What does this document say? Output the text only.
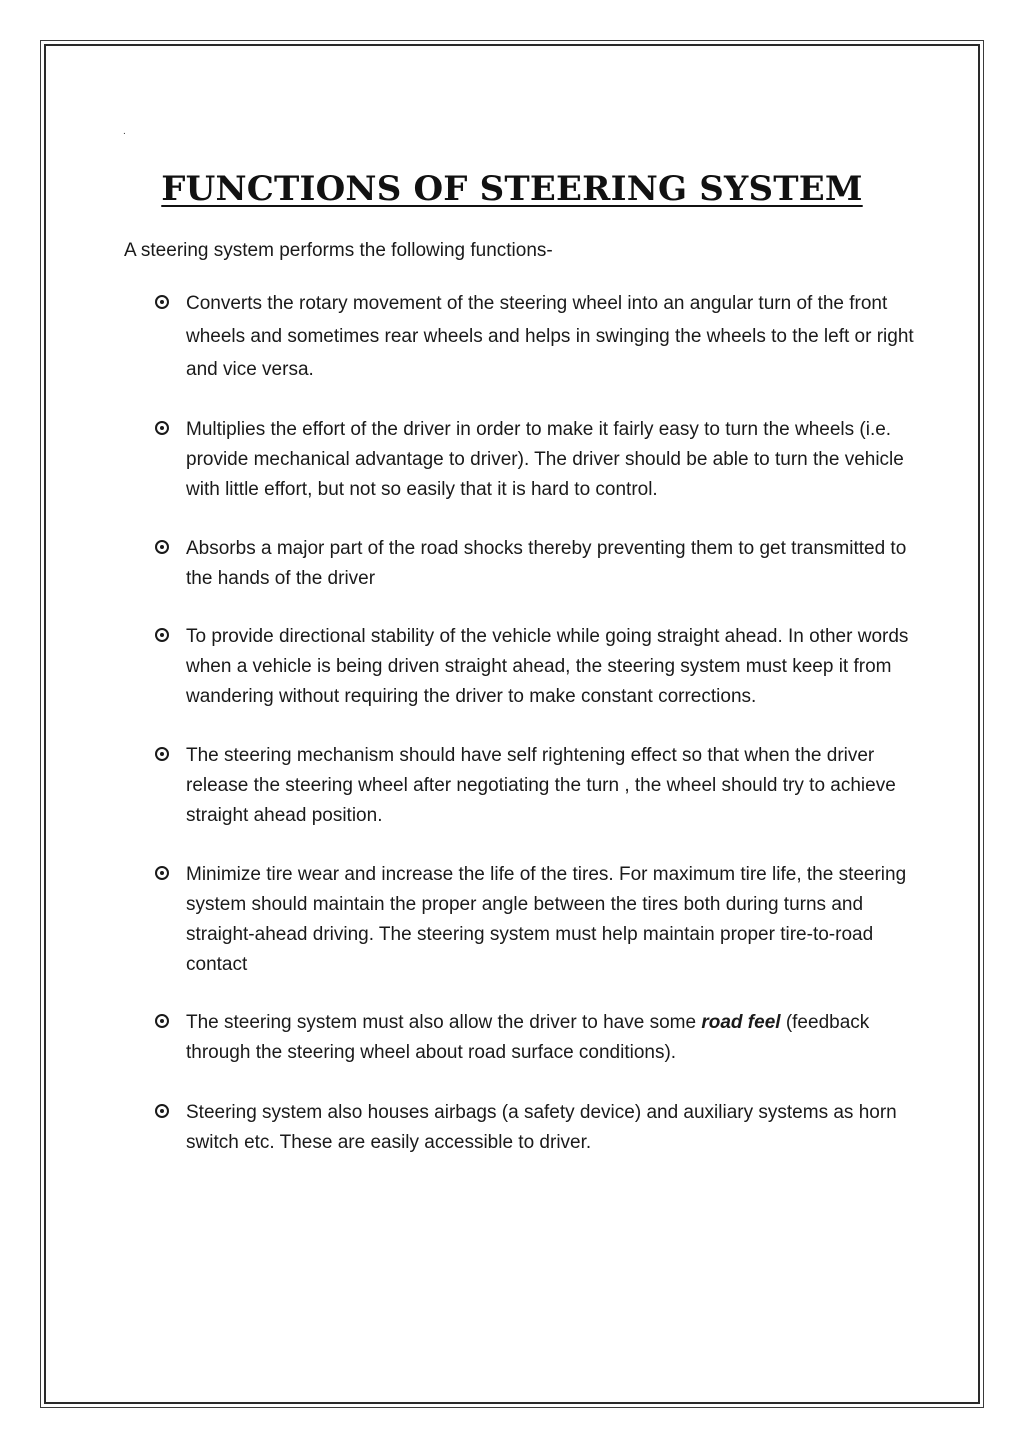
.
FUNCTIONS OF STEERING SYSTEM
A steering system performs the following functions-
Converts the rotary movement of the steering wheel into an angular turn of the front wheels and sometimes rear wheels and helps in swinging the wheels to the left or right and vice versa.
Multiplies the effort of the driver in order to make it fairly easy to turn the wheels (i.e. provide mechanical advantage to driver). The driver should be able to turn the vehicle with little effort, but not so easily that it is hard to control.
Absorbs a major part of the road shocks thereby preventing them to get transmitted to the hands of the driver
To provide directional stability of the vehicle while going straight ahead. In other words when a vehicle is being driven straight ahead, the steering system must keep it from wandering without requiring the driver to make constant corrections.
The steering mechanism should have self rightening effect so that when the driver release the steering wheel after negotiating the turn , the wheel should try to achieve straight ahead position.
Minimize tire wear and increase the life of the tires. For maximum tire life, the steering system should maintain the proper angle between the tires both during turns and straight-ahead driving. The steering system must help maintain proper tire-to-road contact
The steering system must also allow the driver to have some road feel (feedback through the steering wheel about road surface conditions).
Steering system also houses airbags (a safety device) and auxiliary systems as horn switch etc. These are easily accessible to driver.
